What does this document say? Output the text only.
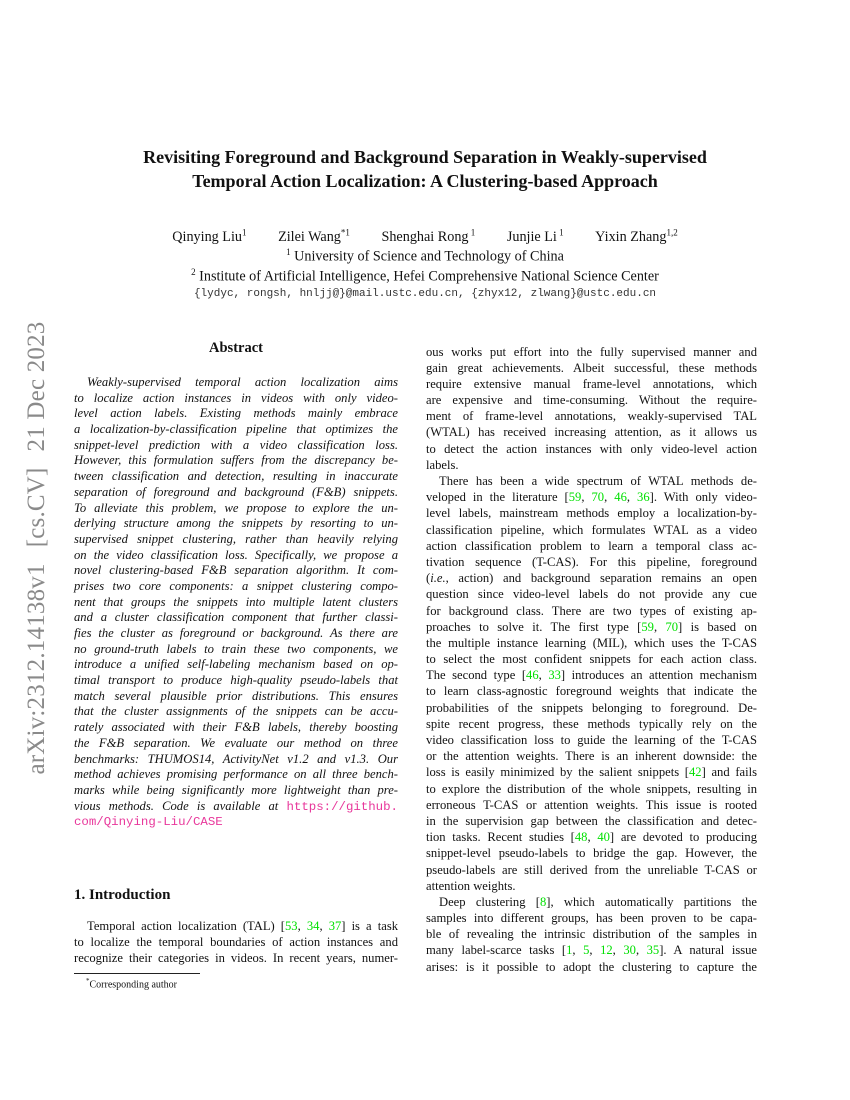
arXiv:2312.14138v1[cs.CV]21 Dec 2023
Revisiting Foreground and Background Separation in Weakly-supervised
Temporal Action Localization: A Clustering-based Approach
Qinying Liu$^1$ Zilei Wang$^{*1}$ Shenghai Rong $^1$ Junjie Li $^1$ Yixin Zhang$^{1,2}$
$^1$ University of Science and Technology of China
$^2$ Institute of Artificial Intelligence, Hefei Comprehensive National Science Center
{lydyc, rongsh, hnljj@}@mail.ustc.edu.cn, {zhyx12, zlwang}@ustc.edu.cn
Abstract
Weakly-supervised temporal action localization aims
to localize action instances in videos with only video-
level action labels. Existing methods mainly embrace
a localization-by-classification pipeline that optimizes the
snippet-level prediction with a video classification loss.
However, this formulation suffers from the discrepancy be-
tween classification and detection, resulting in inaccurate
separation of foreground and background (F&B) snippets.
To alleviate this problem, we propose to explore the un-
derlying structure among the snippets by resorting to un-
supervised snippet clustering, rather than heavily relying
on the video classification loss. Specifically, we propose a
novel clustering-based F&B separation algorithm. It com-
prises two core components: a snippet clustering compo-
nent that groups the snippets into multiple latent clusters
and a cluster classification component that further classi-
fies the cluster as foreground or background. As there are
no ground-truth labels to train these two components, we
introduce a unified self-labeling mechanism based on op-
timal transport to produce high-quality pseudo-labels that
match several plausible prior distributions. This ensures
that the cluster assignments of the snippets can be accu-
rately associated with their F&B labels, thereby boosting
the F&B separation. We evaluate our method on three
benchmarks: THUMOS14, ActivityNet v1.2 and v1.3. Our
method achieves promising performance on all three bench-
marks while being significantly more lightweight than pre-
vious methods. Code is available at https://github.
com/Qinying-Liu/CASE
1. Introduction
Temporal action localization (TAL) [53, 34, 37] is a task
to localize the temporal boundaries of action instances and
recognize their categories in videos. In recent years, numer-
*Corresponding author
ous works put effort into the fully supervised manner and
gain great achievements. Albeit successful, these methods
require extensive manual frame-level annotations, which
are expensive and time-consuming. Without the require-
ment of frame-level annotations, weakly-supervised TAL
(WTAL) has received increasing attention, as it allows us
to detect the action instances with only video-level action
labels.
There has been a wide spectrum of WTAL methods de-
veloped in the literature [59, 70, 46, 36]. With only video-
level labels, mainstream methods employ a localization-by-
classification pipeline, which formulates WTAL as a video
action classification problem to learn a temporal class ac-
tivation sequence (T-CAS). For this pipeline, foreground
(i.e., action) and background separation remains an open
question since video-level labels do not provide any cue
for background class. There are two types of existing ap-
proaches to solve it. The first type [59, 70] is based on
the multiple instance learning (MIL), which uses the T-CAS
to select the most confident snippets for each action class.
The second type [46, 33] introduces an attention mechanism
to learn class-agnostic foreground weights that indicate the
probabilities of the snippets belonging to foreground. De-
spite recent progress, these methods typically rely on the
video classification loss to guide the learning of the T-CAS
or the attention weights. There is an inherent downside: the
loss is easily minimized by the salient snippets [42] and fails
to explore the distribution of the whole snippets, resulting in
erroneous T-CAS or attention weights. This issue is rooted
in the supervision gap between the classification and detec-
tion tasks. Recent studies [48, 40] are devoted to producing
snippet-level pseudo-labels to bridge the gap. However, the
pseudo-labels are still derived from the unreliable T-CAS or
attention weights.
Deep clustering [8], which automatically partitions the
samples into different groups, has been proven to be capa-
ble of revealing the intrinsic distribution of the samples in
many label-scarce tasks [1, 5, 12, 30, 35]. A natural issue
arises: is it possible to adopt the clustering to capture the
